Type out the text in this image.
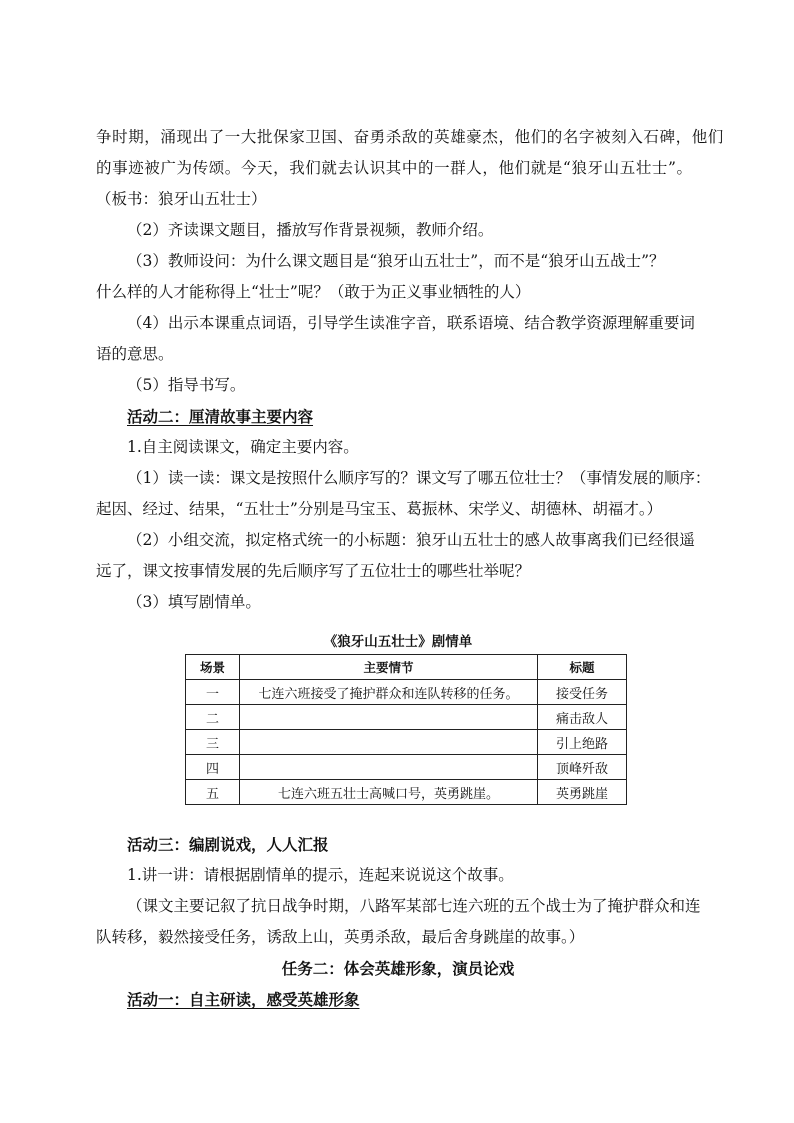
争时期，涌现出了一大批保家卫国、奋勇杀敌的英雄豪杰，他们的名字被刻入石碑，他们
的事迹被广为传颂。今天，我们就去认识其中的一群人，他们就是“狼牙山五壮士”。
（板书：狼牙山五壮士）
（2）齐读课文题目，播放写作背景视频，教师介绍。
（3）教师设问：为什么课文题目是“狼牙山五壮士”，而不是“狼牙山五战士”？
什么样的人才能称得上“壮士”呢？（敢于为正义事业牺牲的人）
（4）出示本课重点词语，引导学生读准字音，联系语境、结合教学资源理解重要词
语的意思。
（5）指导书写。
活动二：厘清故事主要内容
1.自主阅读课文，确定主要内容。
（1）读一读：课文是按照什么顺序写的？课文写了哪五位壮士？（事情发展的顺序：
起因、经过、结果，“五壮士”分别是马宝玉、葛振林、宋学义、胡德林、胡福才。）
（2）小组交流，拟定格式统一的小标题：狼牙山五壮士的感人故事离我们已经很遥
远了，课文按事情发展的先后顺序写了五位壮士的哪些壮举呢？
（3）填写剧情单。
《狼牙山五壮士》剧情单
场景	主要情节	标题
一	七连六班接受了掩护群众和连队转移的任务。	接受任务
二		痛击敌人
三		引上绝路
四		顶峰歼敌
五	七连六班五壮士高喊口号，英勇跳崖。	英勇跳崖
活动三：编剧说戏，人人汇报
1.讲一讲：请根据剧情单的提示，连起来说说这个故事。
（课文主要记叙了抗日战争时期，八路军某部七连六班的五个战士为了掩护群众和连
队转移，毅然接受任务，诱敌上山，英勇杀敌，最后舍身跳崖的故事。）
任务二：体会英雄形象，演员论戏
活动一：自主研读，感受英雄形象
